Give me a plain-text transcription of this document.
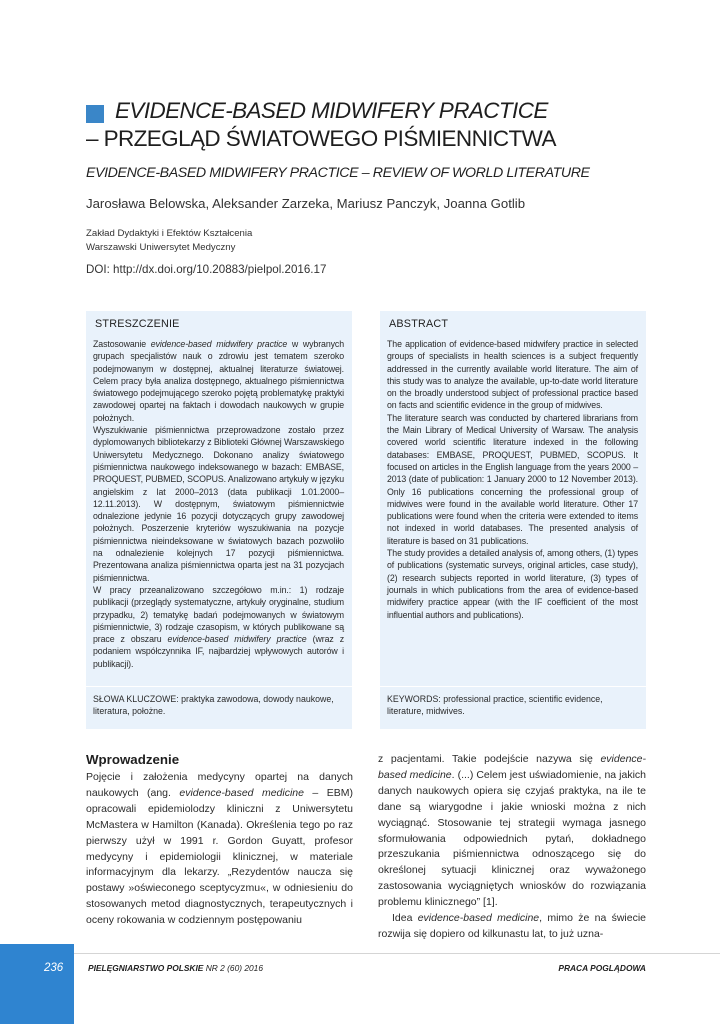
EVIDENCE-BASED MIDWIFERY PRACTICE
– PRZEGLĄD ŚWIATOWEGO PIŚMIENNICTWA
EVIDENCE-BASED MIDWIFERY PRACTICE – REVIEW OF WORLD LITERATURE
Jarosława Belowska, Aleksander Zarzeka, Mariusz Panczyk, Joanna Gotlib
Zakład Dydaktyki i Efektów Kształcenia
Warszawski Uniwersytet Medyczny
DOI: http://dx.doi.org/10.20883/pielpol.2016.17
STRESZCZENIE

Zastosowanie evidence-based midwifery practice w wybranych grupach specjalistów nauk o zdrowiu jest tematem szeroko podejmowanym w dostępnej, aktualnej literaturze światowej. Celem pracy była analiza dostępnego, aktualnego piśmiennictwa światowego podejmującego szeroko pojętą problematykę praktyki zawodowej opartej na faktach i dowodach naukowych w grupie położnych.

Wyszukiwanie piśmiennictwa przeprowadzone zostało przez dyplomowanych bibliotekarzy z Biblioteki Głównej Warszawskiego Uniwersytetu Medycznego. Dokonano analizy światowego piśmiennictwa naukowego indeksowanego w bazach: EMBASE, PROQUEST, PUBMED, SCOPUS. Analizowano artykuły w języku angielskim z lat 2000–2013 (data publikacji 1.01.2000–12.11.2013). W dostępnym, światowym piśmiennictwie odnalezione jedynie 16 pozycji dotyczących grupy zawodowej położnych. Poszerzenie kryteriów wyszukiwania na pozycje piśmiennictwa nieindeksowane w światowych bazach pozwoliło na odnalezienie kolejnych 17 pozycji piśmiennictwa. Prezentowana analiza piśmiennictwa oparta jest na 31 pozycjach piśmiennictwa.

W pracy przeanalizowano szczegółowo m.in.: 1) rodzaje publikacji (przeglądy systematyczne, artykuły oryginalne, studium przypadku, 2) tematykę badań podejmowanych w światowym piśmiennictwie, 3) rodzaje czasopism, w których publikowane są prace z obszaru evidence-based midwifery practice (wraz z podaniem współczynnika IF, najbardziej wpływowych autorów i publikacji).

SŁOWA KLUCZOWE: praktyka zawodowa, dowody naukowe, literatura, położne.
ABSTRACT

The application of evidence-based midwifery practice in selected groups of specialists in health sciences is a subject frequently addressed in the currently available world literature. The aim of this study was to analyze the available, up-to-date world literature on the broadly understood subject of professional practice based on facts and scientific evidence in the group of midwives.

The literature search was conducted by chartered librarians from the Main Library of Medical University of Warsaw. The analysis covered world scientific literature indexed in the following databases: EMBASE, PROQUEST, PUBMED, SCOPUS. It focused on articles in the English language from the years 2000 – 2013 (date of publication: 1 January 2000 to 12 November 2013). Only 16 publications concerning the professional group of midwives were found in the available world literature. Other 17 publications were found when the criteria were extended to items not indexed in world databases. The presented analysis of literature is based on 31 publications.

The study provides a detailed analysis of, among others, (1) types of publications (systematic surveys, original articles, case study), (2) research subjects reported in world literature, (3) types of journals in which publications from the area of evidence-based midwifery practice appear (with the IF coefficient of the most influential authors and publications).

KEYWORDS: professional practice, scientific evidence, literature, midwives.
Wprowadzenie

Pojęcie i założenia medycyny opartej na danych naukowych (ang. evidence-based medicine – EBM) opracowali epidemiolodzy kliniczni z Uniwersytetu McMastera w Hamilton (Kanada). Określenia tego po raz pierwszy użył w 1991 r. Gordon Guyatt, profesor medycyny i epidemiologii klinicznej, w materiale informacyjnym dla lekarzy. „Rezydentów naucza się postawy »oświeconego sceptycyzmu«, w odniesieniu do stosowanych metod diagnostycznych, terapeutycznych i oceny rokowania w codziennym postępowaniu

z pacjentami. Takie podejście nazywa się evidence-based medicine. (...) Celem jest uświadomienie, na jakich danych naukowych opiera się czyjaś praktyka, na ile te dane są wiarygodne i jakie wnioski można z nich wyciągnąć. Stosowanie tej strategii wymaga jasnego sformułowania odpowiednich pytań, dokładnego przeszukania piśmiennictwa odnoszącego się do określonej sytuacji klinicznej oraz wyważonego zastosowania wyciągniętych wniosków do rozwiązania problemu klinicznego” [1].

Idea evidence-based medicine, mimo że na świecie rozwija się dopiero od kilkunastu lat, to już uzna-

236	PIELĘGNIARSTWO POLSKIE NR 2 (60) 2016	PRACA POGLĄDOWA
